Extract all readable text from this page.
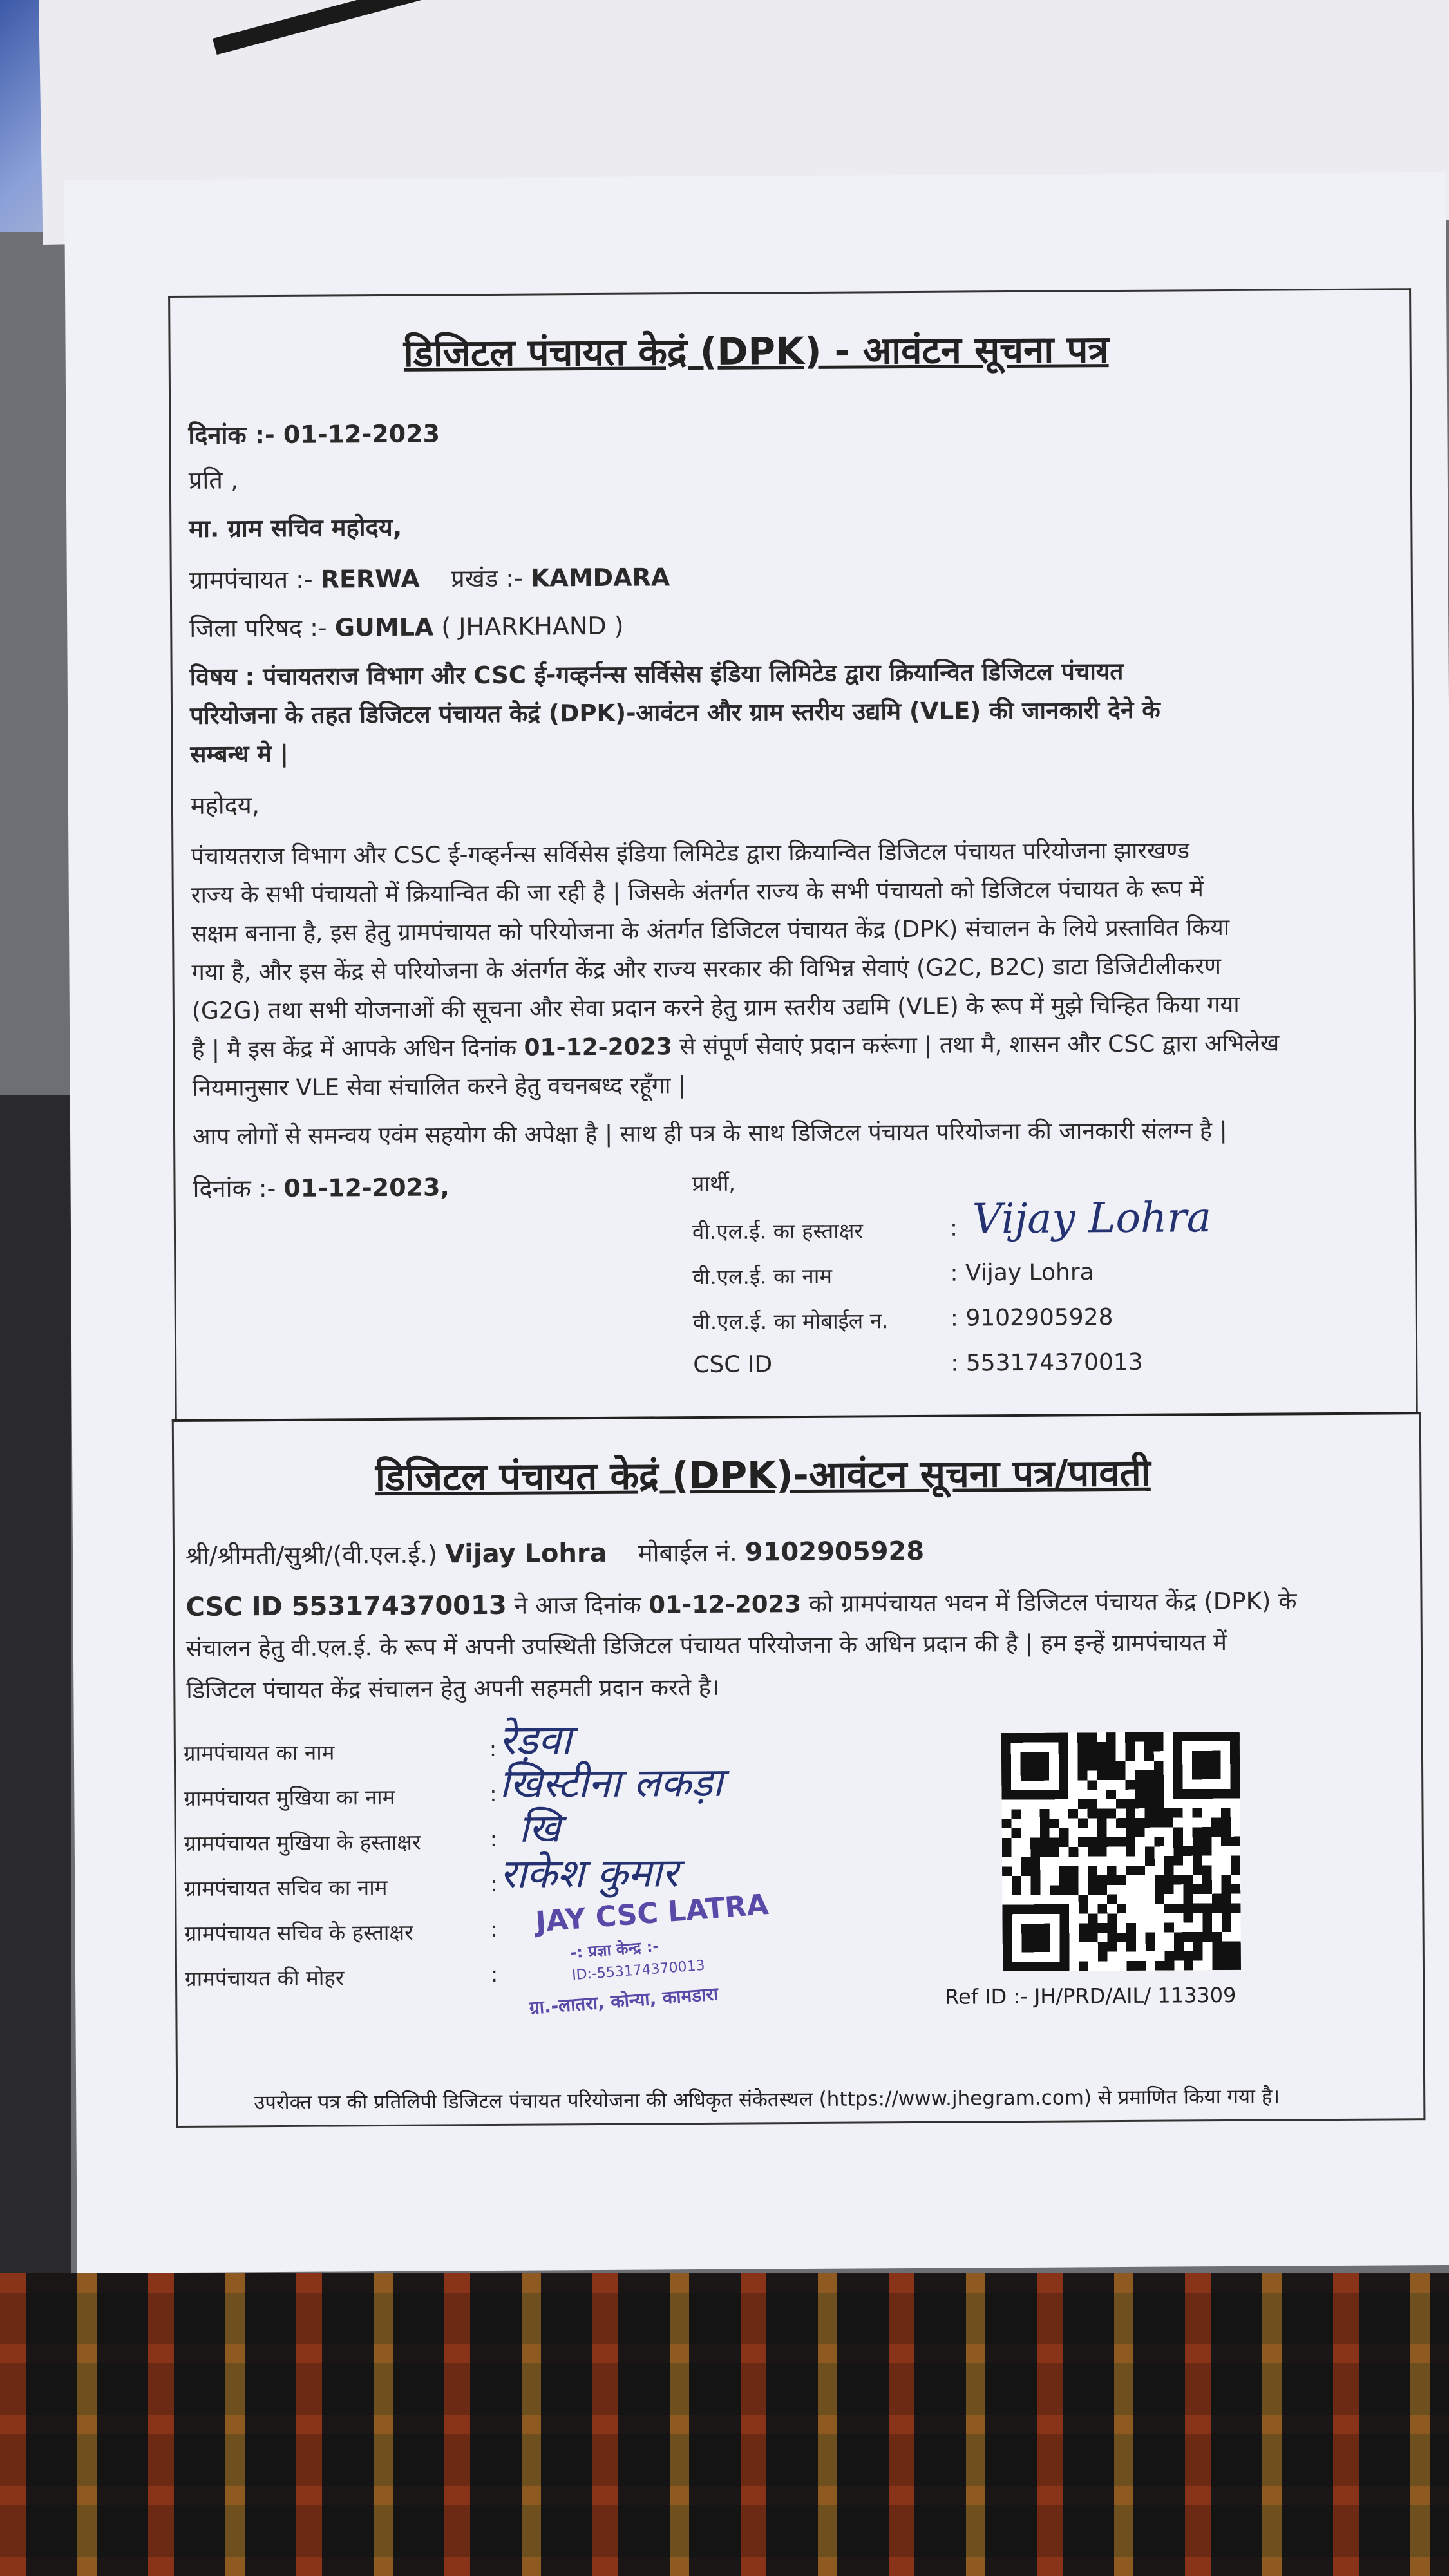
डिजिटल पंचायत केद्रं (DPK) - आवंटन सूचना पत्र
दिनांक :- 01-12-2023
प्रति ,
मा. ग्राम सचिव महोदय,
ग्रामपंचायत :- RERWA प्रखंड :- KAMDARA
जिला परिषद :- GUMLA ( JHARKHAND )
विषय : पंचायतराज विभाग और CSC ई-गव्हर्नन्स सर्विसेस इंडिया लिमिटेड द्वारा क्रियान्वित डिजिटल पंचायत
परियोजना के तहत डिजिटल पंचायत केद्रं (DPK)-आवंटन और ग्राम स्तरीय उद्यमि (VLE) की जानकारी देने के
सम्बन्ध मे |
महोदय,
पंचायतराज विभाग और CSC ई-गव्हर्नन्स सर्विसेस इंडिया लिमिटेड द्वारा क्रियान्वित डिजिटल पंचायत परियोजना झारखण्ड
राज्य के सभी पंचायतो में क्रियान्वित की जा रही है | जिसके अंतर्गत राज्य के सभी पंचायतो को डिजिटल पंचायत के रूप में
सक्षम बनाना है, इस हेतु ग्रामपंचायत को परियोजना के अंतर्गत डिजिटल पंचायत केंद्र (DPK) संचालन के लिये प्रस्तावित किया
गया है, और इस केंद्र से परियोजना के अंतर्गत केंद्र और राज्य सरकार की विभिन्न सेवाएं (G2C, B2C) डाटा डिजिटीलीकरण
(G2G) तथा सभी योजनाओं की सूचना और सेवा प्रदान करने हेतु ग्राम स्तरीय उद्यमि (VLE) के रूप में मुझे चिन्हित किया गया
है | मै इस केंद्र में आपके अधिन दिनांक 01-12-2023 से संपूर्ण सेवाएं प्रदान करूंगा | तथा मै, शासन और CSC द्वारा अभिलेख
नियमानुसार VLE सेवा संचालित करने हेतु वचनबध्द रहूँगा |
आप लोगों से समन्वय एवंम सहयोग की अपेक्षा है | साथ ही पत्र के साथ डिजिटल पंचायत परियोजना की जानकारी संलग्न है |
दिनांक :- 01-12-2023,	प्रार्थी,
वी.एल.ई. का हस्ताक्षर	: Vijay Lohra
वी.एल.ई. का नाम	: Vijay Lohra
वी.एल.ई. का मोबाईल न.	: 9102905928
CSC ID	: 553174370013
डिजिटल पंचायत केद्रं (DPK)-आवंटन सूचना पत्र/पावती
श्री/श्रीमती/सुश्री/(वी.एल.ई.) Vijay Lohra मोबाईल नं. 9102905928
CSC ID 553174370013 ने आज दिनांक 01-12-2023 को ग्रामपंचायत भवन में डिजिटल पंचायत केंद्र (DPK) के
संचालन हेतु वी.एल.ई. के रूप में अपनी उपस्थिती डिजिटल पंचायत परियोजना के अधिन प्रदान की है | हम इन्हें ग्रामपंचायत में
डिजिटल पंचायत केंद्र संचालन हेतु अपनी सहमती प्रदान करते है।
ग्रामपंचायत का नाम	: रेड़वा
ग्रामपंचायत मुखिया का नाम	: खिस्टीना लकड़ा
ग्रामपंचायत मुखिया के हस्ताक्षर	: खि
ग्रामपंचायत सचिव का नाम	: राकेश कुमार
ग्रामपंचायत सचिव के हस्ताक्षर	:
ग्रामपंचायत की मोहर	:
JAY CSC LATRA
-: प्रज्ञा केन्द्र :-
ID:-553174370013
ग्रा.-लातरा, कोन्या, कामडारा	Ref ID :- JH/PRD/AIL/ 113309
उपरोक्त पत्र की प्रतिलिपी डिजिटल पंचायत परियोजना की अधिकृत संकेतस्थल (https://www.jhegram.com) से प्रमाणित किया गया है।
